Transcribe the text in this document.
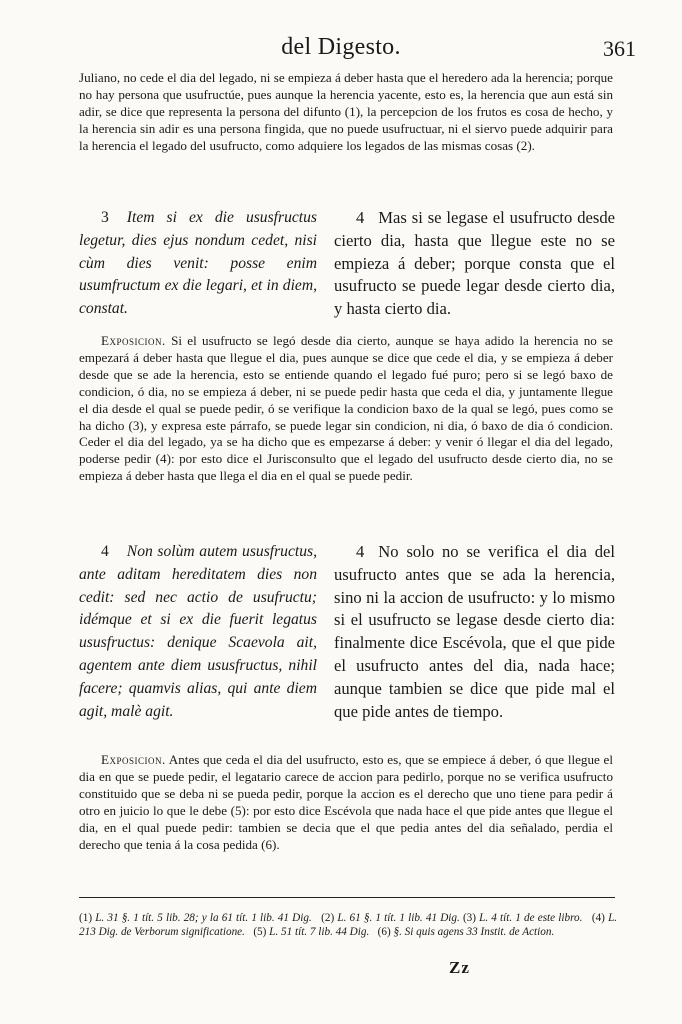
del Digesto.	361

Juliano, no cede el dia del legado, ni se empieza á deber hasta que el heredero ada la herencia; porque no hay persona que usufructúe, pues aunque la herencia yacente, esto es, la herencia que aun está sin adir, se dice que representa la persona del difunto (1), la percepcion de los frutos es cosa de hecho, y la herencia sin adir es una persona fingida, que no puede usufructuar, ni el siervo puede adquirir para la herencia el legado del usufructo, como adquiere los legados de las mismas cosas (2).

3 Item si ex die ususfructus legetur, dies ejus nondum cedet, nisi cùm dies venit: posse enim usumfructum ex die legari, et in diem, constat.
4 Mas si se legase el usufructo desde cierto dia, hasta que llegue este no se empieza á deber; porque consta que el usufructo se puede legar desde cierto dia, y hasta cierto dia.

Exposicion. Si el usufructo se legó desde dia cierto, aunque se haya adido la herencia no se empezará á deber hasta que llegue el dia, pues aunque se dice que cede el dia, y se empieza á deber desde que se ade la herencia, esto se entiende quando el legado fué puro; pero si se legó baxo de condicion, ó dia, no se empieza á deber, ni se puede pedir hasta que ceda el dia, y juntamente llegue el dia desde el qual se puede pedir, ó se verifique la condicion baxo de la qual se legó, pues como se ha dicho (3), y expresa este párrafo, se puede legar sin condicion, ni dia, ó baxo de dia ó condicion. Ceder el dia del legado, ya se ha dicho que es empezarse á deber: y venir ó llegar el dia del legado, poderse pedir (4): por esto dice el Jurisconsulto que el legado del usufructo desde cierto dia, no se empieza á deber hasta que llega el dia en el qual se puede pedir.

4 Non solùm autem ususfructus, ante aditam hereditatem dies non cedit: sed nec actio de usufructu; idémque et si ex die fuerit legatus ususfructus: denique Scaevola ait, agentem ante diem ususfructus, nihil facere; quamvis alias, qui ante diem agit, malè agit.
4 No solo no se verifica el dia del usufructo antes que se ada la herencia, sino ni la accion de usufructo: y lo mismo si el usufructo se legase desde cierto dia: finalmente dice Escévola, que el que pide el usufructo antes del dia, nada hace; aunque tambien se dice que pide mal el que pide antes de tiempo.

Exposicion. Antes que ceda el dia del usufructo, esto es, que se empiece á deber, ó que llegue el dia en que se puede pedir, el legatario carece de accion para pedirlo, porque no se verifica usufructo constituido que se deba ni se pueda pedir, porque la accion es el derecho que uno tiene para pedir á otro en juicio lo que le debe (5): por esto dice Escévola que nada hace el que pide antes que llegue el dia, en el qual puede pedir: tambien se decia que el que pedia antes del dia señalado, perdia el derecho que tenia á la cosa pedida (6).

(1) L. 31 §. 1 tít. 5 lib. 28; y la 61 tít. 1 lib. 41 Dig. (2) L. 61 §. 1 tít. 1 lib. 41 Dig. (3) L. 4 tít. 1 de este libro. (4) L. 213 Dig. de Verborum significatione. (5) L. 51 tít. 7 lib. 44 Dig. (6) §. Si quis agens 33 Instit. de Action.
Zz
